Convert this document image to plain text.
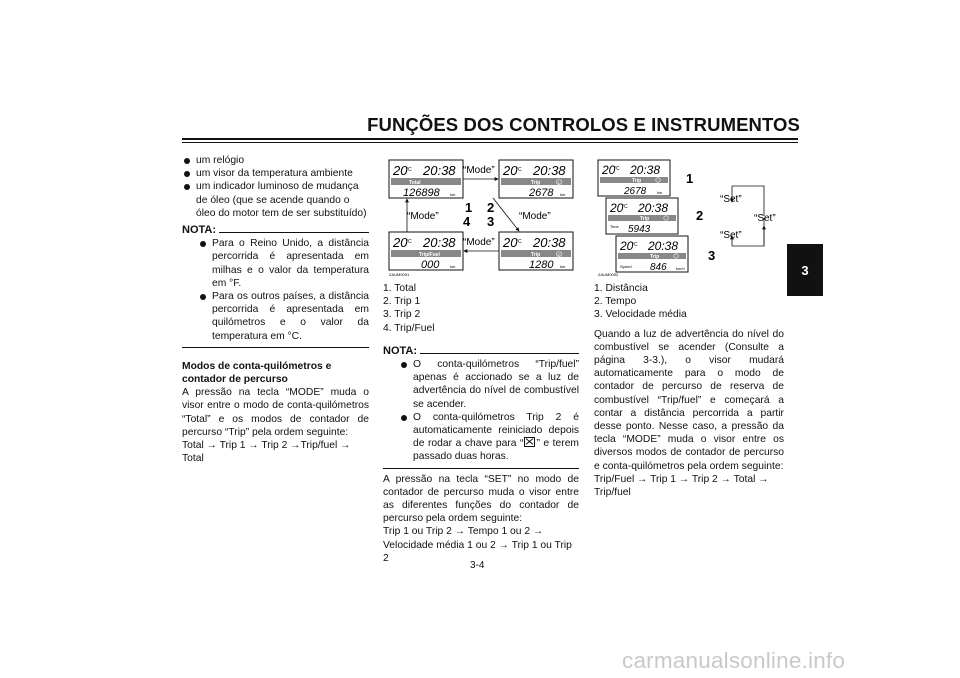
FUNÇÕES DOS CONTROLOS E INSTRUMENTOS
3
um relógio
um visor da temperatura ambiente
um indicador luminoso de mudança de óleo (que se acende quando o óleo do motor tem de ser substituído)
NOTA:
Para o Reino Unido, a distância percorrida é apresentada em milhas e o valor da temperatura em °F.
Para os outros países, a distância percorrida é apresentada em quilómetros e o valor da temperatura em °C.
Modos de conta-quilómetros e contador de percurso
A pressão na tecla “MODE” muda o visor entre o modo de conta-quilómetros “Total” e os modos de contador de percurso “Trip” pela ordem seguinte:
Total → Trip 1 → Trip 2 →Trip/fuel → Total
20
°C 20:38
Total
126898	km
20
°C 20:38
Trip	1
2678 km
20
°C 20:38
Trip/Fuel
000	km
20
°C 20:38
Trip	2
1280 km
“Mode”
“Mode”	“Mode”
“Mode”
1 2
4 3
ZAUM0091
1. Total
2. Trip 1
3. Trip 2
4. Trip/Fuel
NOTA:
O conta-quilómetros “Trip/fuel” apenas é accionado se a luz de advertência do nível de combustível se acender.
O conta-quilómetros Trip 2 é automaticamente reiniciado depois de rodar a chave para “ ” e terem passado duas horas.
A pressão na tecla “SET” no modo de contador de percurso muda o visor entre as diferentes funções do contador de percurso pela ordem seguinte:
Trip 1 ou Trip 2 → Tempo 1 ou 2 → Velocidade média 1 ou 2 → Trip 1 ou Trip 2
20
°C 20:38
Trip
2678	km
20
°C 20:38
Trip
Time 5943
20
°C 20:38
Trip
Speed 846 km/h
1
2
3
“Set”
“Set”
“Set”
ZAUM0092
1. Distância
2. Tempo
3. Velocidade média
Quando a luz de advertência do nível do combustível se acender (Consulte a página 3-3.), o visor mudará automaticamente para o modo de contador de percurso de reserva de combustível “Trip/fuel” e começará a contar a distância percorrida a partir desse ponto. Nesse caso, a pressão da tecla “MODE” muda o visor entre os diversos modos de contador de percurso e conta-quilómetros pela ordem seguinte:
Trip/Fuel → Trip 1 → Trip 2 → Total → Trip/fuel
3-4
carmanualsonline.info
